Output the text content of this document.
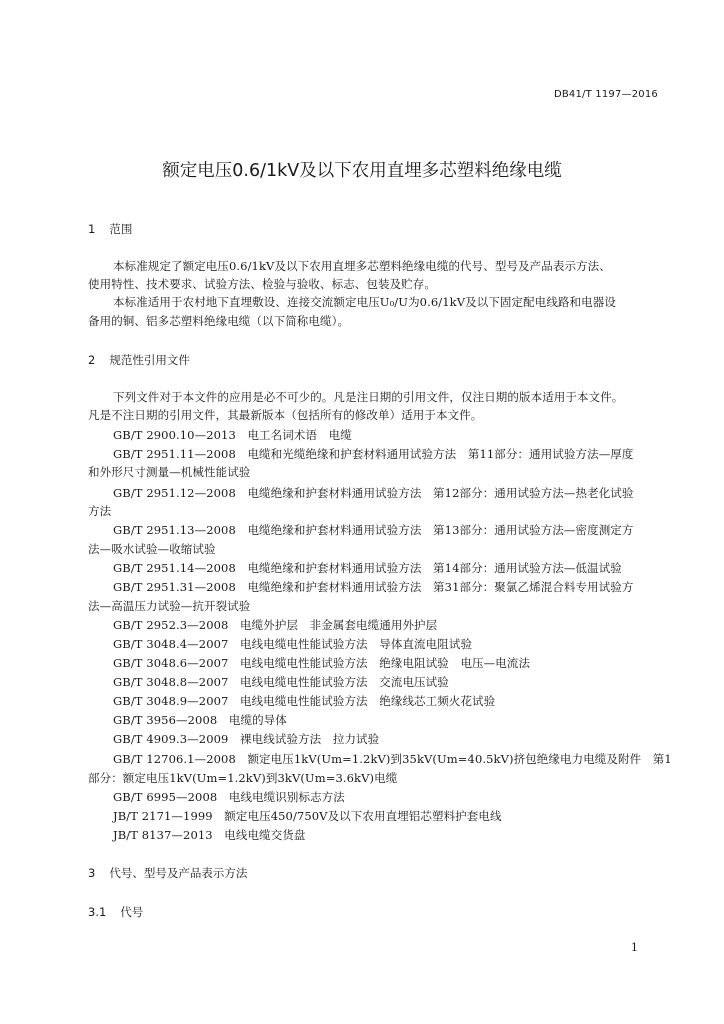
DB41/T 1197—2016
额定电压0.6/1kV及以下农用直埋多芯塑料绝缘电缆
1 范围
本标准规定了额定电压0.6/1kV及以下农用直埋多芯塑料绝缘电缆的代号、型号及产品表示方法、
使用特性、技术要求、试验方法、检验与验收、标志、包装及贮存。
本标准适用于农村地下直埋敷设、连接交流额定电压U₀/U为0.6/1kV及以下固定配电线路和电器设
备用的铜、铝多芯塑料绝缘电缆（以下简称电缆）。
2 规范性引用文件
下列文件对于本文件的应用是必不可少的。凡是注日期的引用文件，仅注日期的版本适用于本文件。
凡是不注日期的引用文件，其最新版本（包括所有的修改单）适用于本文件。
GB/T 2900.10—2013　电工名词术语　电缆
GB/T 2951.11—2008　电缆和光缆绝缘和护套材料通用试验方法　第11部分：通用试验方法—厚度
和外形尺寸测量—机械性能试验
GB/T 2951.12—2008　电缆绝缘和护套材料通用试验方法　第12部分：通用试验方法—热老化试验
方法
GB/T 2951.13—2008　电缆绝缘和护套材料通用试验方法　第13部分：通用试验方法—密度测定方
法—吸水试验—收缩试验
GB/T 2951.14—2008　电缆绝缘和护套材料通用试验方法　第14部分：通用试验方法—低温试验
GB/T 2951.31—2008　电缆绝缘和护套材料通用试验方法　第31部分：聚氯乙烯混合料专用试验方
法—高温压力试验—抗开裂试验
GB/T 2952.3—2008　电缆外护层　非金属套电缆通用外护层
GB/T 3048.4—2007　电线电缆电性能试验方法　导体直流电阻试验
GB/T 3048.6—2007　电线电缆电性能试验方法　绝缘电阻试验　电压—电流法
GB/T 3048.8—2007　电线电缆电性能试验方法　交流电压试验
GB/T 3048.9—2007　电线电缆电性能试验方法　绝缘线芯工频火花试验
GB/T 3956—2008　电缆的导体
GB/T 4909.3—2009　裸电线试验方法　拉力试验
GB/T 12706.1—2008　额定电压1kV(Um=1.2kV)到35kV(Um=40.5kV)挤包绝缘电力电缆及附件　第1
部分：额定电压1kV(Um=1.2kV)到3kV(Um=3.6kV)电缆
GB/T 6995—2008　电线电缆识别标志方法
JB/T 2171—1999　额定电压450/750V及以下农用直埋铝芯塑料护套电线
JB/T 8137—2013　电线电缆交货盘
3 代号、型号及产品表示方法
3.1 代号
1
